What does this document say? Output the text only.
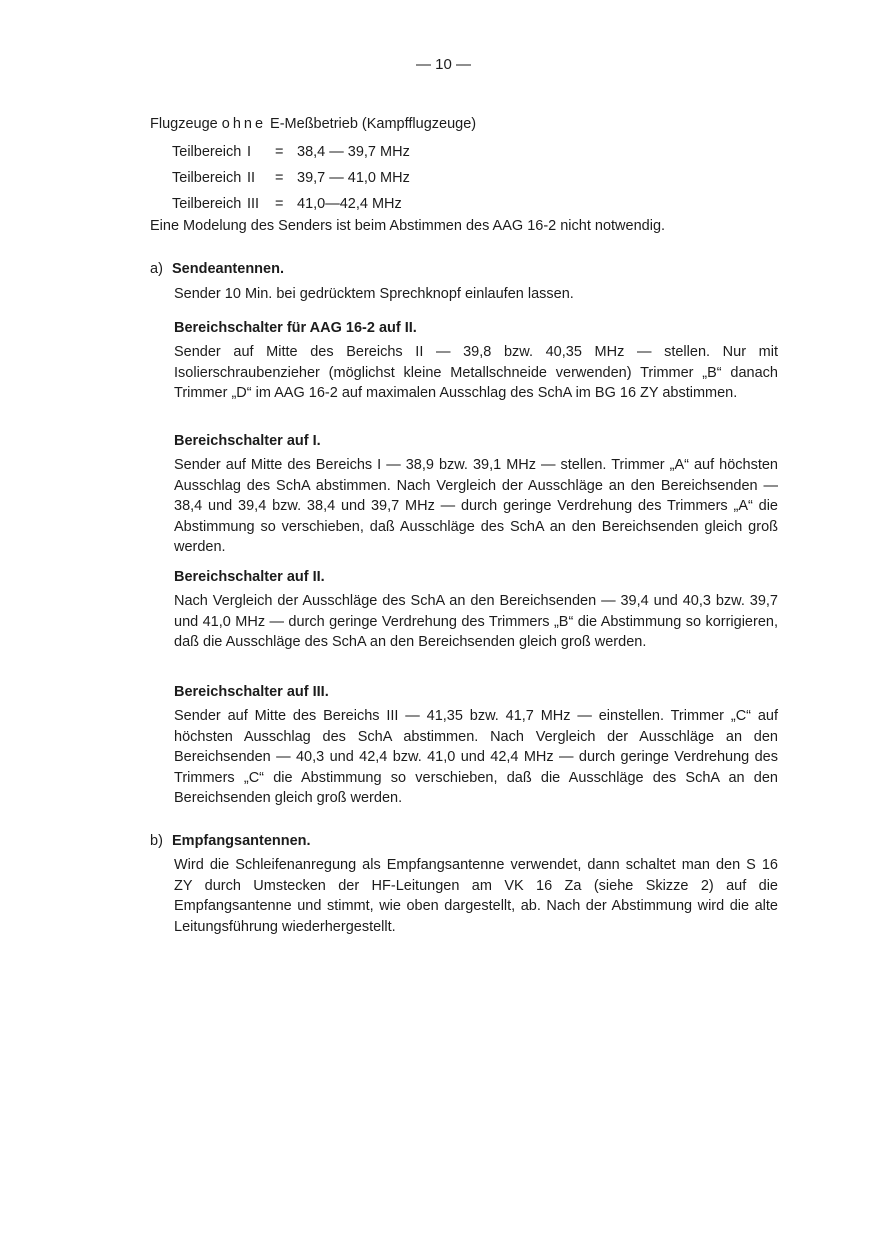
— 10 —
Flugzeuge ohne E-Meßbetrieb (Kampfflugzeuge)
Teilbereich	I	=	38,4 — 39,7 MHz
Teilbereich	II	=	39,7 — 41,0 MHz
Teilbereich	III	=	41,0—42,4 MHz
Eine Modelung des Senders ist beim Abstimmen des AAG 16-2 nicht notwendig.
a) Sendeantennen.
Sender 10 Min. bei gedrücktem Sprechknopf einlaufen lassen.
Bereichschalter für AAG 16-2 auf II.

Sender auf Mitte des Bereichs II — 39,8 bzw. 40,35 MHz — stellen. Nur mit Isolierschraubenzieher (möglichst kleine Metallschneide verwenden) Trimmer „B“ danach Trimmer „D“ im AAG 16-2 auf maximalen Ausschlag des SchA im BG 16 ZY abstimmen.

Bereichschalter auf I.

Sender auf Mitte des Bereichs I — 38,9 bzw. 39,1 MHz — stellen. Trimmer „A“ auf höchsten Ausschlag des SchA abstimmen. Nach Vergleich der Ausschläge an den Bereichsenden — 38,4 und 39,4 bzw. 38,4 und 39,7 MHz — durch geringe Verdrehung des Trimmers „A“ die Abstimmung so verschieben, daß Ausschläge des SchA an den Bereichsenden gleich groß werden.

Bereichschalter auf II.

Nach Vergleich der Ausschläge des SchA an den Bereichsenden — 39,4 und 40,3 bzw. 39,7 und 41,0 MHz — durch geringe Verdrehung des Trimmers „B“ die Abstimmung so korrigieren, daß die Ausschläge des SchA an den Bereichsenden gleich groß werden.

Bereichschalter auf III.

Sender auf Mitte des Bereichs III — 41,35 bzw. 41,7 MHz — einstellen. Trimmer „C“ auf höchsten Ausschlag des SchA abstimmen. Nach Vergleich der Ausschläge an den Bereichsenden — 40,3 und 42,4 bzw. 41,0 und 42,4 MHz — durch geringe Verdrehung des Trimmers „C“ die Abstimmung so verschieben, daß die Ausschläge des SchA an den Bereichsenden gleich groß werden.

b) Empfangsantennen.

Wird die Schleifenanregung als Empfangsantenne verwendet, dann schaltet man den S 16 ZY durch Umstecken der HF-Leitungen am VK 16 Za (siehe Skizze 2) auf die Empfangsantenne und stimmt, wie oben dargestellt, ab. Nach der Abstimmung wird die alte Leitungsführung wiederhergestellt.
